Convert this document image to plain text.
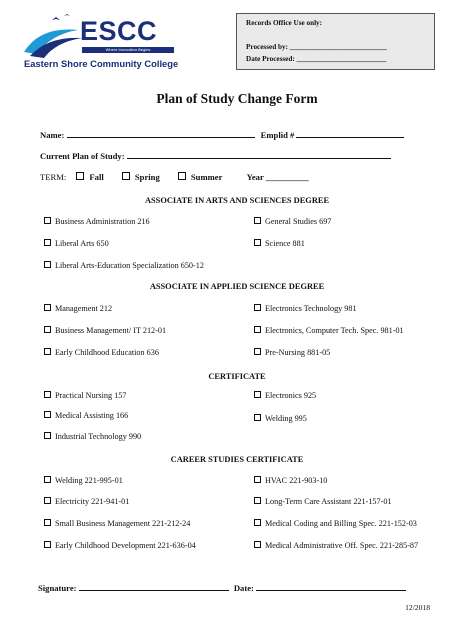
ESCC
Where Innovation Begins
Eastern Shore Community College
Records Office Use only:
Processed by: ___________________________
Date Processed: _________________________
Plan of Study Change Form
Name:	Emplid #
Current Plan of Study:
TERM:	Fall	Spring	Summer	Year __________
ASSOCIATE IN ARTS AND SCIENCES DEGREE
Business Administration 216
Liberal Arts 650
Liberal Arts-Education Specialization 650-12
General Studies 697
Science 881
ASSOCIATE IN APPLIED SCIENCE DEGREE
Management 212
Business Management/ IT 212-01
Early Childhood Education 636
Electronics Technology 981
Electronics, Computer Tech. Spec. 981-01
Pre-Nursing 881-05
CERTIFICATE
Practical Nursing 157
Medical Assisting 166
Industrial Technology 990
Electronics 925
Welding 995
CAREER STUDIES CERTIFICATE
Welding 221-995-01
Electricity 221-941-01
Small Business Management 221-212-24
Early Childhood Development 221-636-04
HVAC 221-903-10
Long-Term Care Assistant 221-157-01
Medical Coding and Billing Spec. 221-152-03
Medical Administrative Off. Spec. 221-285-87
Signature:	Date:
12/2018
